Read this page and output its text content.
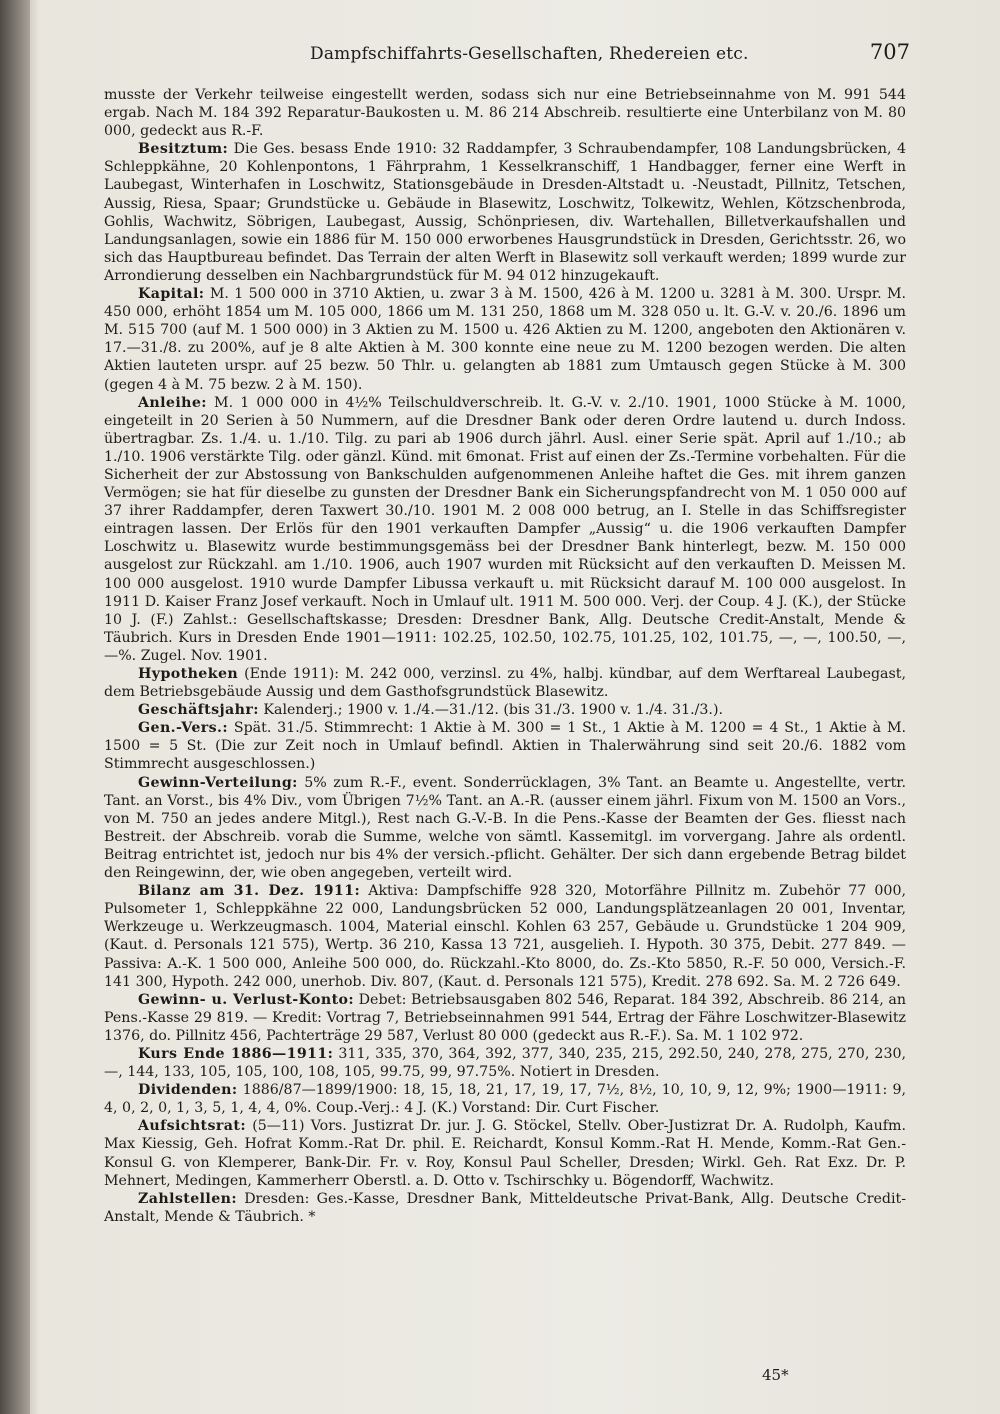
Dampfschiffahrts-Gesellschaften, Rhedereien etc.	707

musste der Verkehr teilweise eingestellt werden, sodass sich nur eine Betriebseinnahme von M. 991 544 ergab. Nach M. 184 392 Reparatur-Baukosten u. M. 86 214 Abschreib. resultierte eine Unterbilanz von M. 80 000, gedeckt aus R.-F.

Besitztum: Die Ges. besass Ende 1910: 32 Raddampfer, 3 Schraubendampfer, 108 Landungsbrücken, 4 Schleppkähne, 20 Kohlenpontons, 1 Fährprahm, 1 Kesselkranschiff, 1 Handbagger, ferner eine Werft in Laubegast, Winterhafen in Loschwitz, Stationsgebäude in Dresden-Altstadt u. -Neustadt, Pillnitz, Tetschen, Aussig, Riesa, Spaar; Grundstücke u. Gebäude in Blasewitz, Loschwitz, Tolkewitz, Wehlen, Kötzschenbroda, Gohlis, Wachwitz, Söbrigen, Laubegast, Aussig, Schönpriesen, div. Wartehallen, Billetverkaufshallen und Landungsanlagen, sowie ein 1886 für M. 150 000 erworbenes Hausgrundstück in Dresden, Gerichtsstr. 26, wo sich das Hauptbureau befindet. Das Terrain der alten Werft in Blasewitz soll verkauft werden; 1899 wurde zur Arrondierung desselben ein Nachbargrundstück für M. 94 012 hinzugekauft.

Kapital: M. 1 500 000 in 3710 Aktien, u. zwar 3 à M. 1500, 426 à M. 1200 u. 3281 à M. 300. Urspr. M. 450 000, erhöht 1854 um M. 105 000, 1866 um M. 131 250, 1868 um M. 328 050 u. lt. G.-V. v. 20./6. 1896 um M. 515 700 (auf M. 1 500 000) in 3 Aktien zu M. 1500 u. 426 Aktien zu M. 1200, angeboten den Aktionären v. 17.—31./8. zu 200%, auf je 8 alte Aktien à M. 300 konnte eine neue zu M. 1200 bezogen werden. Die alten Aktien lauteten urspr. auf 25 bezw. 50 Thlr. u. gelangten ab 1881 zum Umtausch gegen Stücke à M. 300 (gegen 4 à M. 75 bezw. 2 à M. 150).

Anleihe: M. 1 000 000 in 4½% Teilschuldverschreib. lt. G.-V. v. 2./10. 1901, 1000 Stücke à M. 1000, eingeteilt in 20 Serien à 50 Nummern, auf die Dresdner Bank oder deren Ordre lautend u. durch Indoss. übertragbar. Zs. 1./4. u. 1./10. Tilg. zu pari ab 1906 durch jährl. Ausl. einer Serie spät. April auf 1./10.; ab 1./10. 1906 verstärkte Tilg. oder gänzl. Künd. mit 6monat. Frist auf einen der Zs.-Termine vorbehalten. Für die Sicherheit der zur Abstossung von Bankschulden aufgenommenen Anleihe haftet die Ges. mit ihrem ganzen Vermögen; sie hat für dieselbe zu gunsten der Dresdner Bank ein Sicherungspfandrecht von M. 1 050 000 auf 37 ihrer Raddampfer, deren Taxwert 30./10. 1901 M. 2 008 000 betrug, an I. Stelle in das Schiffsregister eintragen lassen. Der Erlös für den 1901 verkauften Dampfer „Aussig“ u. die 1906 verkauften Dampfer Loschwitz u. Blasewitz wurde bestimmungsgemäss bei der Dresdner Bank hinterlegt, bezw. M. 150 000 ausgelost zur Rückzahl. am 1./10. 1906, auch 1907 wurden mit Rücksicht auf den verkauften D. Meissen M. 100 000 ausgelost. 1910 wurde Dampfer Libussa verkauft u. mit Rücksicht darauf M. 100 000 ausgelost. In 1911 D. Kaiser Franz Josef verkauft. Noch in Umlauf ult. 1911 M. 500 000. Verj. der Coup. 4 J. (K.), der Stücke 10 J. (F.) Zahlst.: Gesellschaftskasse; Dresden: Dresdner Bank, Allg. Deutsche Credit-Anstalt, Mende & Täubrich. Kurs in Dresden Ende 1901—1911: 102.25, 102.50, 102.75, 101.25, 102, 101.75, —, —, 100.50, —, —%. Zugel. Nov. 1901.

Hypotheken (Ende 1911): M. 242 000, verzinsl. zu 4%, halbj. kündbar, auf dem Werftareal Laubegast, dem Betriebsgebäude Aussig und dem Gasthofsgrundstück Blasewitz.

Geschäftsjahr: Kalenderj.; 1900 v. 1./4.—31./12. (bis 31./3. 1900 v. 1./4. 31./3.).

Gen.-Vers.: Spät. 31./5. Stimmrecht: 1 Aktie à M. 300 = 1 St., 1 Aktie à M. 1200 = 4 St., 1 Aktie à M. 1500 = 5 St. (Die zur Zeit noch in Umlauf befindl. Aktien in Thalerwährung sind seit 20./6. 1882 vom Stimmrecht ausgeschlossen.)

Gewinn-Verteilung: 5% zum R.-F., event. Sonderrücklagen, 3% Tant. an Beamte u. Angestellte, vertr. Tant. an Vorst., bis 4% Div., vom Übrigen 7½% Tant. an A.-R. (ausser einem jährl. Fixum von M. 1500 an Vors., von M. 750 an jedes andere Mitgl.), Rest nach G.-V.-B. In die Pens.-Kasse der Beamten der Ges. fliesst nach Bestreit. der Abschreib. vorab die Summe, welche von sämtl. Kassemitgl. im vorvergang. Jahre als ordentl. Beitrag entrichtet ist, jedoch nur bis 4% der versich.-pflicht. Gehälter. Der sich dann ergebende Betrag bildet den Reingewinn, der, wie oben angegeben, verteilt wird.

Bilanz am 31. Dez. 1911: Aktiva: Dampfschiffe 928 320, Motorfähre Pillnitz m. Zubehör 77 000, Pulsometer 1, Schleppkähne 22 000, Landungsbrücken 52 000, Landungsplätzeanlagen 20 001, Inventar, Werkzeuge u. Werkzeugmasch. 1004, Material einschl. Kohlen 63 257, Gebäude u. Grundstücke 1 204 909, (Kaut. d. Personals 121 575), Wertp. 36 210, Kassa 13 721, ausgelieh. I. Hypoth. 30 375, Debit. 277 849. — Passiva: A.-K. 1 500 000, Anleihe 500 000, do. Rückzahl.-Kto 8000, do. Zs.-Kto 5850, R.-F. 50 000, Versich.-F. 141 300, Hypoth. 242 000, unerhob. Div. 807, (Kaut. d. Personals 121 575), Kredit. 278 692. Sa. M. 2 726 649.

Gewinn- u. Verlust-Konto: Debet: Betriebsausgaben 802 546, Reparat. 184 392, Abschreib. 86 214, an Pens.-Kasse 29 819. — Kredit: Vortrag 7, Betriebseinnahmen 991 544, Ertrag der Fähre Loschwitzer-Blasewitz 1376, do. Pillnitz 456, Pachterträge 29 587, Verlust 80 000 (gedeckt aus R.-F.). Sa. M. 1 102 972.

Kurs Ende 1886—1911: 311, 335, 370, 364, 392, 377, 340, 235, 215, 292.50, 240, 278, 275, 270, 230, —, 144, 133, 105, 105, 100, 108, 105, 99.75, 99, 97.75%. Notiert in Dresden.

Dividenden: 1886/87—1899/1900: 18, 15, 18, 21, 17, 19, 17, 7½, 8½, 10, 10, 9, 12, 9%; 1900—1911: 9, 4, 0, 2, 0, 1, 3, 5, 1, 4, 4, 0%. Coup.-Verj.: 4 J. (K.) Vorstand: Dir. Curt Fischer.

Aufsichtsrat: (5—11) Vors. Justizrat Dr. jur. J. G. Stöckel, Stellv. Ober-Justizrat Dr. A. Rudolph, Kaufm. Max Kiessig, Geh. Hofrat Komm.-Rat Dr. phil. E. Reichardt, Konsul Komm.-Rat H. Mende, Komm.-Rat Gen.-Konsul G. von Klemperer, Bank-Dir. Fr. v. Roy, Konsul Paul Scheller, Dresden; Wirkl. Geh. Rat Exz. Dr. P. Mehnert, Medingen, Kammerherr Oberstl. a. D. Otto v. Tschirschky u. Bögendorff, Wachwitz.

Zahlstellen: Dresden: Ges.-Kasse, Dresdner Bank, Mitteldeutsche Privat-Bank, Allg. Deutsche Credit-Anstalt, Mende & Täubrich. *

45*
